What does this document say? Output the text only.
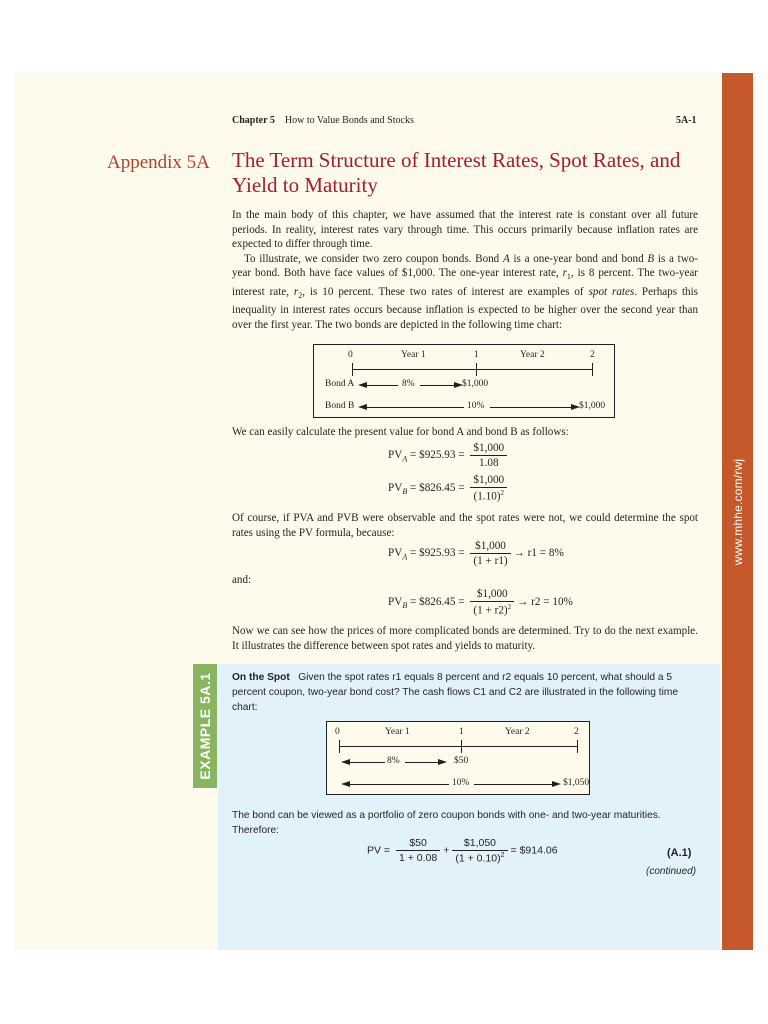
www.mhhe.com/rwj
Chapter 5 How to Value Bonds and Stocks	5A-1
Appendix 5A The Term Structure of Interest Rates, Spot Rates, and Yield to Maturity

In the main body of this chapter, we have assumed that the interest rate is constant over all future periods. In reality, interest rates vary through time. This occurs primarily because inflation rates are expected to differ through time.

To illustrate, we consider two zero coupon bonds. Bond A is a one-year bond and bond B is a two-year bond. Both have face values of $1,000. The one-year interest rate, $r_1$, is 8 percent. The two-year interest rate, $r_2$, is 10 percent. These two rates of interest are examples of spot rates. Perhaps this inequality in interest rates occurs because inflation is expected to be higher over the second year than over the first year. The two bonds are depicted in the following time chart:

0	Year 1	1	Year 2	2
Bond A	8%	$1,000
Bond B	10%	$1,000
We can easily calculate the present value for bond A and bond B as follows:
$PV_A$ = $925.93 = $\frac{\$1,000}{1.08}$
$PV_B$ = $826.45 = $\frac{\$1,000}{(1.10)^2}$
Of course, if PVA and PVB were observable and the spot rates were not, we could determine the spot rates using the PV formula, because:
$PV_A$ = $925.93 = $\frac{\$1,000}{(1 + r1)} \to r1 = 8\%$
and:
$PV_B$ = $826.45 = $\frac{\$1,000}{(1 + r2)^2} \to r2 = 10\%$
Now we can see how the prices of more complicated bonds are determined. Try to do the next example. It illustrates the difference between spot rates and yields to maturity.
EXAMPLE 5A.1 On the Spot Given the spot rates r1 equals 8 percent and r2 equals 10 percent, what should a 5 percent coupon, two-year bond cost? The cash flows C1 and C2 are illustrated in the following time chart:

0	Year 1	1	Year 2	2
8%	$50
10%	$1,050
The bond can be viewed as a portfolio of zero coupon bonds with one- and two-year maturities. Therefore:
PV = $\frac{\$50}{1 + 0.08} + \frac{\$1,050}{(1 + 0.10)^2}$ = $914.06	(A.1)
(continued)
